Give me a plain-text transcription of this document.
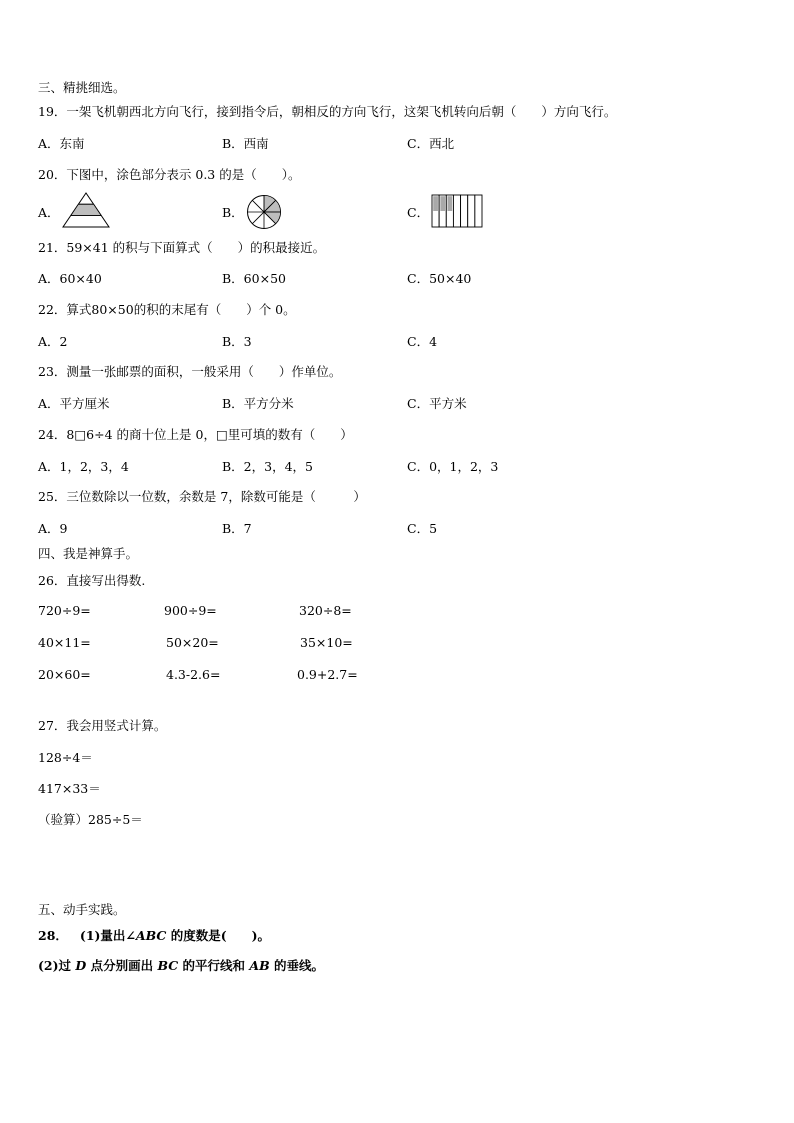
三、精挑细选。
19．一架飞机朝西北方向飞行，接到指令后，朝相反的方向飞行，这架飞机转向后朝（　　）方向飞行。
A．东南	B．西南	C．西北
20．下图中，涂色部分表示 0.3 的是（　　）。
A．	B．	C．
21．59×41 的积与下面算式（　　）的积最接近。
A．60×40	B．60×50	C．50×40
22．算式80×50的积的末尾有（　　）个 0。
A．2	B．3	C．4
23．测量一张邮票的面积，一般采用（　　）作单位。
A．平方厘米	B．平方分米	C．平方米
24．8□6÷4 的商十位上是 0，□里可填的数有（　　）
A．1，2，3，4	B．2，3，4，5	C．0，1，2，3
25．三位数除以一位数，余数是 7，除数可能是（　　　）
A．9	B．7	C．5
四、我是神算手。
26．直接写出得数.
720÷9=	900÷9=	320÷8=
40×11=	50×20=	35×10=
20×60=	4.3-2.6=	0.9+2.7=
27．我会用竖式计算。
128÷4＝
417×33＝
（验算）285÷5＝
五、动手实践。
28． (1)量出∠ABC 的度数是(　　)。
(2)过 D 点分别画出 BC 的平行线和 AB 的垂线。
